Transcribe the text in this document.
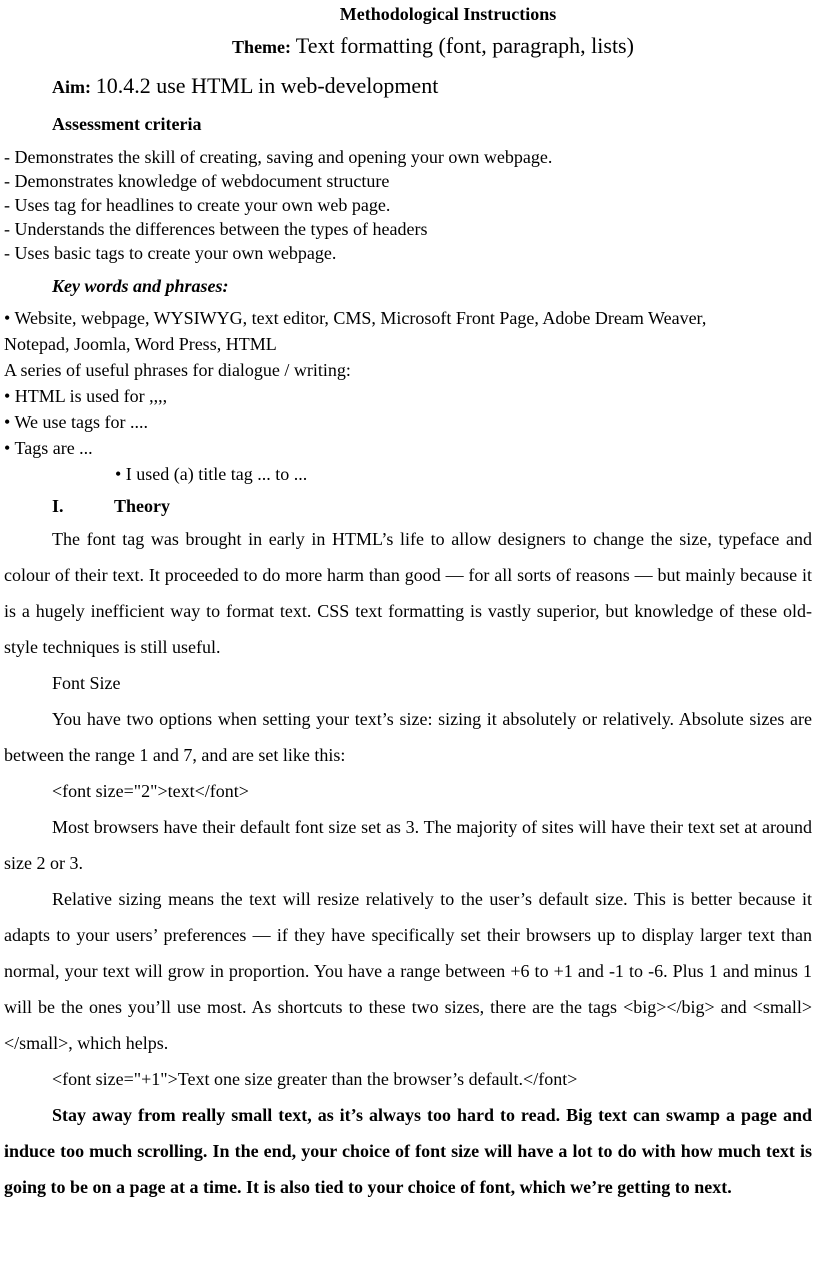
Methodological Instructions
Theme: Text formatting (font, paragraph, lists)
Aim: 10.4.2 use HTML in web-development
Assessment criteria
- Demonstrates the skill of creating, saving and opening your own webpage.
- Demonstrates knowledge of webdocument structure
- Uses tag for headlines to create your own web page.
- Understands the differences between the types of headers
- Uses basic tags to create your own webpage.
Key words and phrases:
• Website, webpage, WYSIWYG, text editor, CMS, Microsoft Front Page, Adobe Dream Weaver,
Notepad, Joomla, Word Press, HTML
A series of useful phrases for dialogue / writing:
• HTML is used for ,,,,
• We use tags for ....
• Tags are ...
• I used (a) title tag ... to ...
I.	Theory

The font tag was brought in early in HTML’s life to allow designers to change the size, typeface and colour of their text. It proceeded to do more harm than good — for all sorts of reasons — but mainly because it is a hugely inefficient way to format text. CSS text formatting is vastly superior, but knowledge of these old-style techniques is still useful.

Font Size

You have two options when setting your text’s size: sizing it absolutely or relatively. Absolute sizes are between the range 1 and 7, and are set like this:

<font size="2">text</font>

Most browsers have their default font size set as 3. The majority of sites will have their text set at around size 2 or 3.

Relative sizing means the text will resize relatively to the user’s default size. This is better because it adapts to your users’ preferences — if they have specifically set their browsers up to display larger text than normal, your text will grow in proportion. You have a range between +6 to +1 and -1 to -6. Plus 1 and minus 1 will be the ones you’ll use most. As shortcuts to these two sizes, there are the tags <big></big> and <small></small>, which helps.

<font size="+1">Text one size greater than the browser’s default.</font>

Stay away from really small text, as it’s always too hard to read. Big text can swamp a page and induce too much scrolling. In the end, your choice of font size will have a lot to do with how much text is going to be on a page at a time. It is also tied to your choice of font, which we’re getting to next.
